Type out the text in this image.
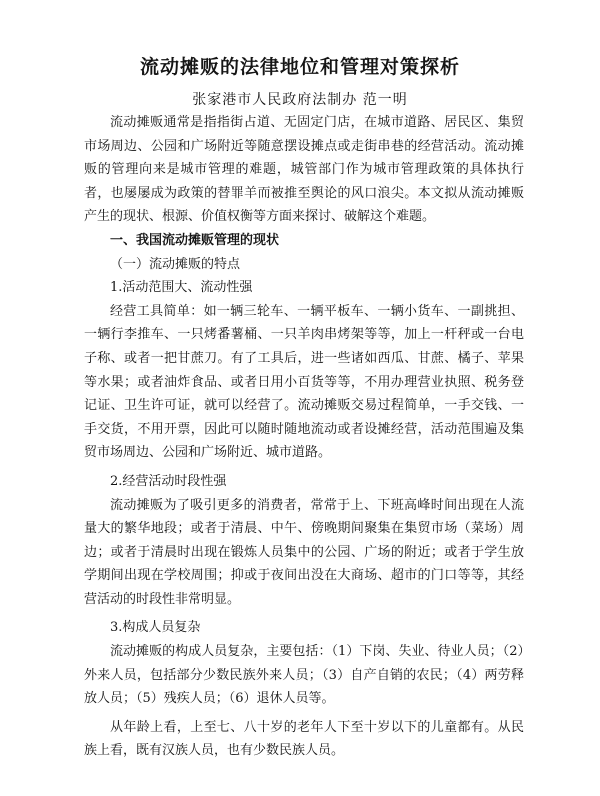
流动摊贩的法律地位和管理对策探析
张家港市人民政府法制办 范一明

流动摊贩通常是指指街占道、无固定门店，在城市道路、居民区、集贸市场周边、公园和广场附近等随意摆设摊点或走街串巷的经营活动。流动摊贩的管理向来是城市管理的难题，城管部门作为城市管理政策的具体执行者，也屡屡成为政策的替罪羊而被推至舆论的风口浪尖。本文拟从流动摊贩产生的现状、根源、价值权衡等方面来探讨、破解这个难题。

一、我国流动摊贩管理的现状

（一）流动摊贩的特点

1.活动范围大、流动性强

经营工具简单：如一辆三轮车、一辆平板车、一辆小货车、一副挑担、一辆行李推车、一只烤番薯桶、一只羊肉串烤架等等，加上一杆秤或一台电子称、或者一把甘蔗刀。有了工具后，进一些诸如西瓜、甘蔗、橘子、苹果等水果；或者油炸食品、或者日用小百货等等，不用办理营业执照、税务登记证、卫生许可证，就可以经营了。流动摊贩交易过程简单，一手交钱、一手交货，不用开票，因此可以随时随地流动或者设摊经营，活动范围遍及集贸市场周边、公园和广场附近、城市道路。

2.经营活动时段性强

流动摊贩为了吸引更多的消费者，常常于上、下班高峰时间出现在人流量大的繁华地段；或者于清晨、中午、傍晚期间聚集在集贸市场（菜场）周边；或者于清晨时出现在锻炼人员集中的公园、广场的附近；或者于学生放学期间出现在学校周围；抑或于夜间出没在大商场、超市的门口等等，其经营活动的时段性非常明显。

3.构成人员复杂

流动摊贩的构成人员复杂，主要包括：（1）下岗、失业、待业人员；（2）外来人员，包括部分少数民族外来人员；（3）自产自销的农民；（4）两劳释放人员；（5）残疾人员；（6）退休人员等。

从年龄上看，上至七、八十岁的老年人下至十岁以下的儿童都有。从民族上看，既有汉族人员，也有少数民族人员。
